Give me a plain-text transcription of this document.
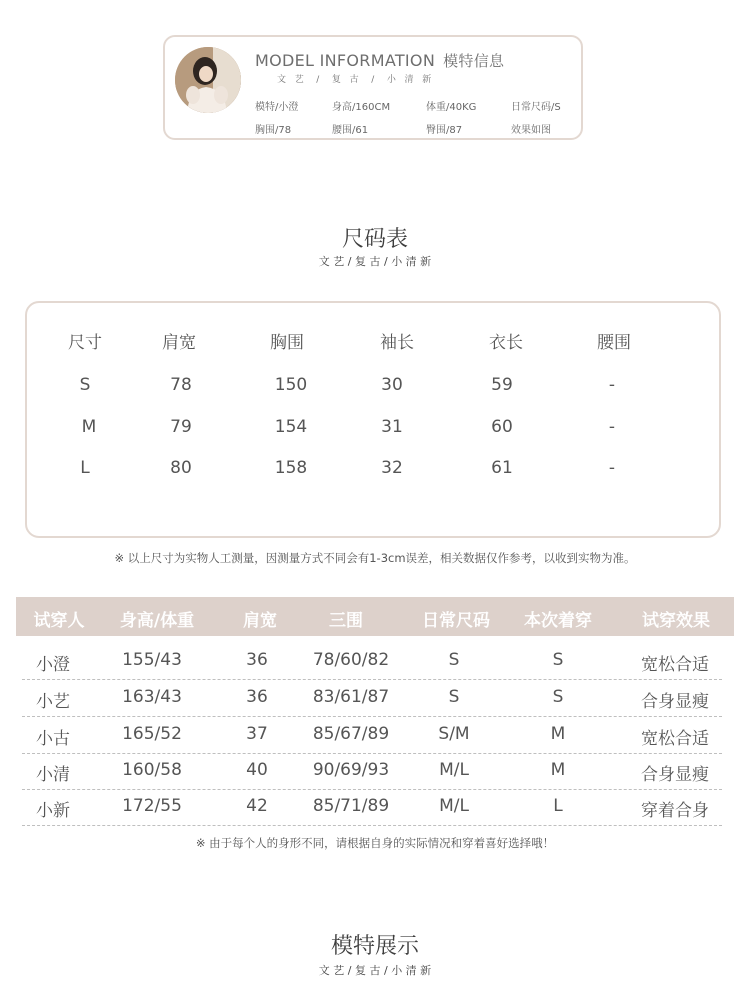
MODEL INFORMATION 模特信息
文  艺   /   复  古   /   小  清  新
模特/小澄	身高/160CM	体重/40KG	日常尺码/S
胸围/78	腰围/61	臀围/87	效果如图
尺码表
文 艺 / 复 古 / 小 清 新
尺寸	肩宽	胸围	袖长	衣长	腰围
S	78	150	30	59	-
M	79	154	31	60	-
L	80	158	32	61	-
※ 以上尺寸为实物人工测量，因测量方式不同会有1-3cm误差，相关数据仅作参考，以收到实物为准。
试穿人	身高/体重	肩宽	三围	日常尺码	本次着穿	试穿效果
小澄	155/43	36	78/60/82	S	S	宽松合适
小艺	163/43	36	83/61/87	S	S	合身显瘦
小古	165/52	37	85/67/89	S/M	M	宽松合适
小清	160/58	40	90/69/93	M/L	M	合身显瘦
小新	172/55	42	85/71/89	M/L	L	穿着合身
※ 由于每个人的身形不同，请根据自身的实际情况和穿着喜好选择哦！
模特展示
文 艺 / 复 古 / 小 清 新
